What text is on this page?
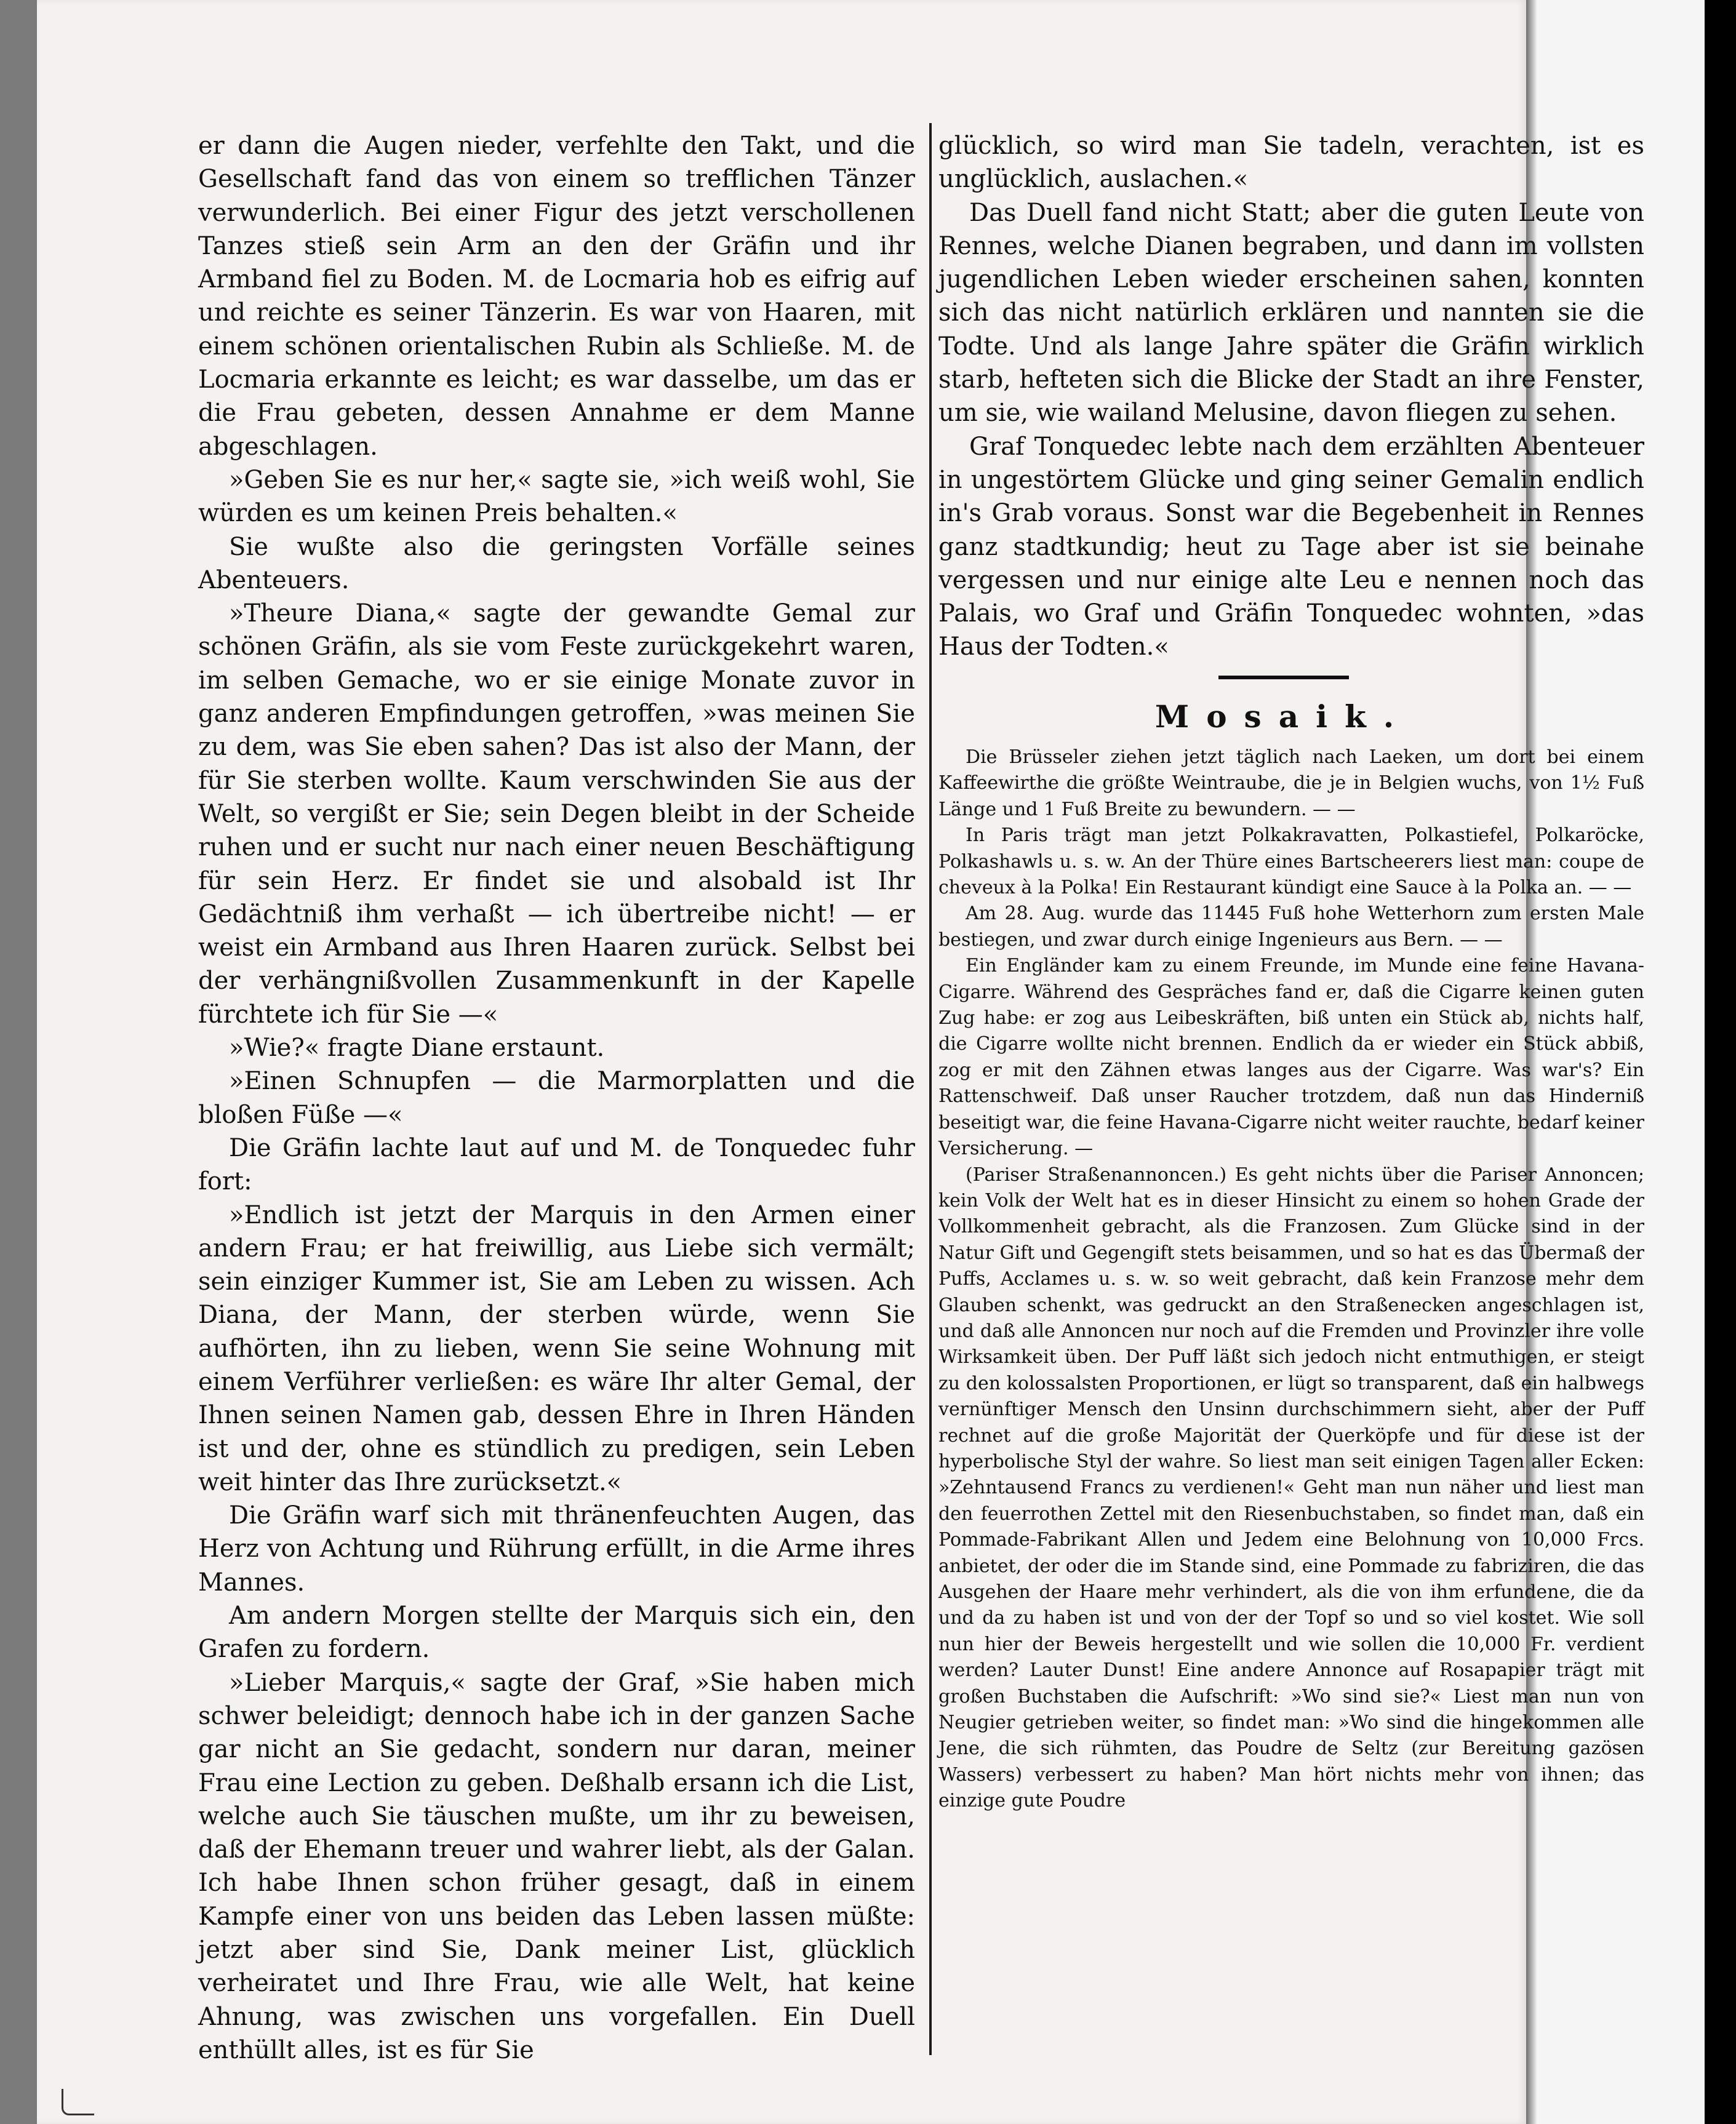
er dann die Augen nieder, verfehlte den Takt, und die Gesellschaft fand das von einem so trefflichen Tänzer verwunderlich. Bei einer Figur des jetzt verschollenen Tanzes stieß sein Arm an den der Gräfin und ihr Armband fiel zu Boden. M. de Locmaria hob es eifrig auf und reichte es seiner Tänzerin. Es war von Haaren, mit einem schönen orientalischen Rubin als Schließe. M. de Locmaria erkannte es leicht; es war dasselbe, um das er die Frau gebeten, dessen Annahme er dem Manne abgeschlagen.

»Geben Sie es nur her,« sagte sie, »ich weiß wohl, Sie würden es um keinen Preis behalten.«

Sie wußte also die geringsten Vorfälle seines Abenteuers.

»Theure Diana,« sagte der gewandte Gemal zur schönen Gräfin, als sie vom Feste zurückgekehrt waren, im selben Gemache, wo er sie einige Monate zuvor in ganz anderen Empfindungen getroffen, »was meinen Sie zu dem, was Sie eben sahen? Das ist also der Mann, der für Sie sterben wollte. Kaum verschwinden Sie aus der Welt, so vergißt er Sie; sein Degen bleibt in der Scheide ruhen und er sucht nur nach einer neuen Beschäftigung für sein Herz. Er findet sie und alsobald ist Ihr Gedächtniß ihm verhaßt — ich übertreibe nicht! — er weist ein Armband aus Ihren Haaren zurück. Selbst bei der verhängnißvollen Zusammenkunft in der Kapelle fürchtete ich für Sie —«

»Wie?« fragte Diane erstaunt.

»Einen Schnupfen — die Marmorplatten und die bloßen Füße —«

Die Gräfin lachte laut auf und M. de Tonquedec fuhr fort:

»Endlich ist jetzt der Marquis in den Armen einer andern Frau; er hat freiwillig, aus Liebe sich vermält; sein einziger Kummer ist, Sie am Leben zu wissen. Ach Diana, der Mann, der sterben würde, wenn Sie aufhörten, ihn zu lieben, wenn Sie seine Wohnung mit einem Verführer verließen: es wäre Ihr alter Gemal, der Ihnen seinen Namen gab, dessen Ehre in Ihren Händen ist und der, ohne es stündlich zu predigen, sein Leben weit hinter das Ihre zurücksetzt.«

Die Gräfin warf sich mit thränenfeuchten Augen, das Herz von Achtung und Rührung erfüllt, in die Arme ihres Mannes.

Am andern Morgen stellte der Marquis sich ein, den Grafen zu fordern.

»Lieber Marquis,« sagte der Graf, »Sie haben mich schwer beleidigt; dennoch habe ich in der ganzen Sache gar nicht an Sie gedacht, sondern nur daran, meiner Frau eine Lection zu geben. Deßhalb ersann ich die List, welche auch Sie täuschen mußte, um ihr zu beweisen, daß der Ehemann treuer und wahrer liebt, als der Galan. Ich habe Ihnen schon früher gesagt, daß in einem Kampfe einer von uns beiden das Leben lassen müßte: jetzt aber sind Sie, Dank meiner List, glücklich verheiratet und Ihre Frau, wie alle Welt, hat keine Ahnung, was zwischen uns vorgefallen. Ein Duell enthüllt alles, ist es für Sie

glücklich, so wird man Sie tadeln, verachten, ist es unglücklich, auslachen.«

Das Duell fand nicht Statt; aber die guten Leute von Rennes, welche Dianen begraben, und dann im vollsten jugendlichen Leben wieder erscheinen sahen, konnten sich das nicht natürlich erklären und nannten sie die Todte. Und als lange Jahre später die Gräfin wirklich starb, hefteten sich die Blicke der Stadt an ihre Fenster, um sie, wie wailand Melusine, davon fliegen zu sehen.

Graf Tonquedec lebte nach dem erzählten Abenteuer in ungestörtem Glücke und ging seiner Gemalin endlich in's Grab voraus. Sonst war die Begebenheit in Rennes ganz stadtkundig; heut zu Tage aber ist sie beinahe vergessen und nur einige alte Leu e nennen noch das Palais, wo Graf und Gräfin Tonquedec wohnten, »das Haus der Todten.«

Mosaik.

Die Brüsseler ziehen jetzt täglich nach Laeken, um dort bei einem Kaffeewirthe die größte Weintraube, die je in Belgien wuchs, von 1½ Fuß Länge und 1 Fuß Breite zu bewundern. — —

In Paris trägt man jetzt Polkakravatten, Polkastiefel, Polkaröcke, Polkashawls u. s. w. An der Thüre eines Bartscheerers liest man: coupe de cheveux à la Polka! Ein Restaurant kündigt eine Sauce à la Polka an. — —

Am 28. Aug. wurde das 11445 Fuß hohe Wetterhorn zum ersten Male bestiegen, und zwar durch einige Ingenieurs aus Bern. — —

Ein Engländer kam zu einem Freunde, im Munde eine feine Havana-Cigarre. Während des Gespräches fand er, daß die Cigarre keinen guten Zug habe: er zog aus Leibeskräften, biß unten ein Stück ab, nichts half, die Cigarre wollte nicht brennen. Endlich da er wieder ein Stück abbiß, zog er mit den Zähnen etwas langes aus der Cigarre. Was war's? Ein Rattenschweif. Daß unser Raucher trotzdem, daß nun das Hinderniß beseitigt war, die feine Havana-Cigarre nicht weiter rauchte, bedarf keiner Versicherung. —

(Pariser Straßenannoncen.) Es geht nichts über die Pariser Annoncen; kein Volk der Welt hat es in dieser Hinsicht zu einem so hohen Grade der Vollkommenheit gebracht, als die Franzosen. Zum Glücke sind in der Natur Gift und Gegengift stets beisammen, und so hat es das Übermaß der Puffs, Acclames u. s. w. so weit gebracht, daß kein Franzose mehr dem Glauben schenkt, was gedruckt an den Straßenecken angeschlagen ist, und daß alle Annoncen nur noch auf die Fremden und Provinzler ihre volle Wirksamkeit üben. Der Puff läßt sich jedoch nicht entmuthigen, er steigt zu den kolossalsten Proportionen, er lügt so transparent, daß ein halbwegs vernünftiger Mensch den Unsinn durchschimmern sieht, aber der Puff rechnet auf die große Majorität der Querköpfe und für diese ist der hyperbolische Styl der wahre. So liest man seit einigen Tagen aller Ecken: »Zehntausend Francs zu verdienen!« Geht man nun näher und liest man den feuerrothen Zettel mit den Riesenbuchstaben, so findet man, daß ein Pommade-Fabrikant Allen und Jedem eine Belohnung von 10,000 Frcs. anbietet, der oder die im Stande sind, eine Pommade zu fabriziren, die das Ausgehen der Haare mehr verhindert, als die von ihm erfundene, die da und da zu haben ist und von der der Topf so und so viel kostet. Wie soll nun hier der Beweis hergestellt und wie sollen die 10,000 Fr. verdient werden? Lauter Dunst! Eine andere Annonce auf Rosapapier trägt mit großen Buchstaben die Aufschrift: »Wo sind sie?« Liest man nun von Neugier getrieben weiter, so findet man: »Wo sind die hingekommen alle Jene, die sich rühmten, das Poudre de Seltz (zur Bereitung gazösen Wassers) verbessert zu haben? Man hört nichts mehr von ihnen; das einzige gute Poudre
